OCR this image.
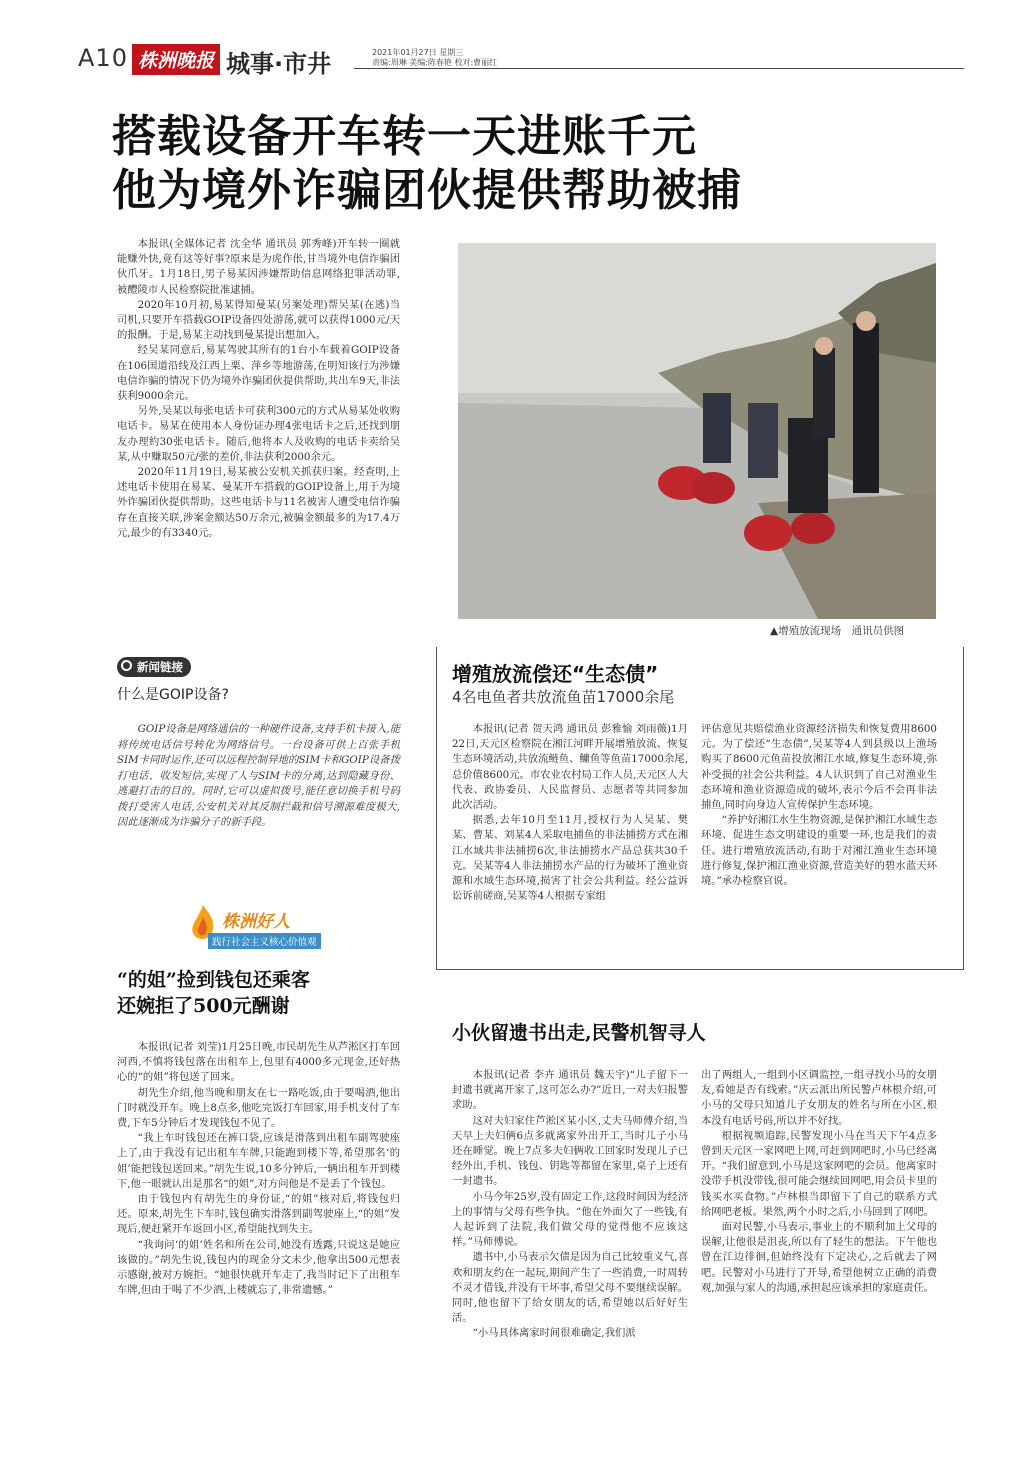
A10 株洲晚报 城事·市井	2021年01月27日 星期三
责编:周琳 美编:陈春艳 校对:曹丽红
搭载设备开车转一天进账千元
他为境外诈骗团伙提供帮助被捕

本报讯(全媒体记者 沈全华 通讯员 郭秀峰)开车转一圈就能赚外快,竟有这等好事?原来是为虎作伥,甘当境外电信诈骗团伙爪牙。1月18日,男子易某因涉嫌帮助信息网络犯罪活动罪,被醴陵市人民检察院批准逮捕。

2020年10月初,易某得知曼某(另案处理)帮吴某(在逃)当司机,只要开车搭载GOIP设备四处游荡,就可以获得1000元/天的报酬。于是,易某主动找到曼某提出想加入。

经吴某同意后,易某驾驶其所有的1台小车载着GOIP设备在106国道沿线及江西上栗、萍乡等地游荡,在明知该行为涉嫌电信诈骗的情况下仍为境外诈骗团伙提供帮助,共出车9天,非法获利9000余元。

另外,吴某以每张电话卡可获利300元的方式从易某处收购电话卡。易某在使用本人身份证办理4张电话卡之后,还找到朋友办理約30张电话卡。随后,他将本人及收购的电话卡卖给吴某,从中赚取50元/张的差价,非法获利2000余元。

2020年11月19日,易某被公安机关抓获归案。经查明,上述电话卡使用在易某、曼某开车搭载的GOIP设备上,用于为境外诈骗团伙提供帮助。这些电话卡与11名被害人遭受电信诈骗存在直接关联,涉案金额达50万余元,被骗金额最多的为17.4万元,最少的有3340元。

新闻链接
什么是GOIP设备?
GOIP设备是网络通信的一种硬件设备,支持手机卡接入,能将传统电话信号转化为网络信号。一台设备可供上百张手机SIM卡同时运作,还可以远程控制异地的SIM卡和GOIP设备拨打电话、收发短信,实现了人与SIM卡的分离,达到隐藏身份、逃避打击的目的。同时,它可以虚拟拨号,能任意切换手机号码拨打受害人电话,公安机关对其反制拦截和信号溯源难度极大,因此逐渐成为诈骗分子的新手段。
▲增殖放流现场　通讯员供图
增殖放流偿还“生态债”
4名电鱼者共放流鱼苗17000余尾

本报讯(记者 贺天鸿 通讯员 彭雅愉 刘雨薇)1月22日,天元区检察院在湘江河畔开展增殖放流、恢复生态环境活动,共放流鲢鱼、鳙鱼等鱼苗17000余尾,总价值8600元。市农业农村局工作人员,天元区人大代表、政协委员、人民监督员、志愿者等共同参加此次活动。

据悉,去年10月至11月,授权行为人吴某、樊某、曹某、刘某4人采取电捕鱼的非法捕捞方式在湘江水域共非法捕捞6次,非法捕捞水产品总获共30千克。吴某等4人非法捕捞水产品的行为破坏了渔业资源和水域生态环境,损害了社会公共利益。经公益诉讼诉前磋商,吴某等4人根据专家组

评估意见共赔偿渔业资源经济损失和恢复费用8600元。为了偿还“生态债”,吴某等4人到县级以上渔场购买了8600元鱼苗投放湘江水域,修复生态环境,弥补受损的社会公共利益。4人认识到了自己对渔业生态环境和渔业资源造成的破坏,表示今后不会再非法捕鱼,同时向身边人宣传保护生态环境。

“养护好湘江水生生物资源,是保护湘江水域生态环境、促进生态文明建设的重要一环,也是我们的责任。进行增殖放流活动,有助于对湘江渔业生态环境进行修复,保护湘江渔业资源,营造美好的碧水蓝天环境。”承办检察官说。

株洲好人
践行社会主义核心价值观
“的姐”捡到钱包还乘客
还婉拒了500元酬谢

本报讯(记者 刘莹)1月25日晚,市民胡先生从芦淞区打车回河西,不慎将钱包落在出租车上,包里有4000多元现金,还好热心的“的姐”将包送了回来。

胡先生介绍,他当晚和朋友在七一路吃饭,由于要喝酒,他出门时就没开车。晚上8点多,他吃完饭打车回家,用手机支付了车费,下车5分钟后才发现钱包不见了。

“我上车时钱包还在裤口袋,应该是滑落到出租车副驾驶座上了,由于我没有记出租车车牌,只能跑到楼下等,希望那名‘的姐’能把钱包送回来。”胡先生说,10多分钟后,一辆出租车开到楼下,他一眼就认出是那名“的姐”,对方问他是不是丢了个钱包。

由于钱包内有胡先生的身份证,“的姐”核对后,将钱包归还。原来,胡先生下车时,钱包确实滑落到副驾驶座上,“的姐”发现后,便赶紧开车返回小区,希望能找到失主。

“我询问‘的姐’姓名和所在公司,她没有透露,只说这是她应该做的。”胡先生说,钱包内的现金分文未少,他拿出500元想表示感谢,被对方婉拒。“她很快就开车走了,我当时记下了出租车车牌,但由于喝了不少酒,上楼就忘了,非常遗憾。”

小伙留遗书出走,民警机智寻人

本报讯(记者 李卉 通讯员 魏天宇)“儿子留下一封遗书就离开家了,这可怎么办?”近日,一对夫妇报警求助。

这对夫妇家住芦淞区某小区,丈夫马师傅介绍,当天早上夫妇俩6点多就离家外出开工,当时儿子小马还在睡觉。晚上7点多夫妇俩收工回家时发现儿子已经外出,手机、钱包、钥匙等都留在家里,桌子上还有一封遗书。

小马今年25岁,没有固定工作,这段时间因为经济上的事情与父母有些争执。“他在外面欠了一些钱,有人起诉到了法院,我们做父母的觉得他不应该这样。”马师傅说。

遗书中,小马表示欠债是因为自己比较重义气,喜欢和朋友约在一起玩,期间产生了一些消费,一时周转不灵才借钱,并没有干坏事,希望父母不要继续误解。同时,他也留下了给女朋友的话,希望她以后好好生活。

“小马具体离家时间很难确定,我们派

出了两组人,一组到小区调监控,一组寻找小马的女朋友,看她是否有线索。”庆云派出所民警卢林根介绍,可小马的父母只知道儿子女朋友的姓名与所在小区,根本没有电话号码,所以并不好找。

根据视频追踪,民警发现小马在当天下午4点多曾到天元区一家网吧上网,可赶到网吧时,小马已经离开。“我们留意到,小马是这家网吧的会员。他离家时没带手机没带钱,很可能会继续回网吧,用会员卡里的钱买水买食物。”卢林根当即留下了自己的联系方式给网吧老板。果然,两个小时之后,小马回到了网吧。

面对民警,小马表示,事业上的不顺利加上父母的误解,让他很是沮丧,所以有了轻生的想法。下午他也曾在江边徘徊,但始终没有下定决心,之后就去了网吧。民警对小马进行了开导,希望他树立正确的消费观,加强与家人的沟通,承担起应该承担的家庭责任。
